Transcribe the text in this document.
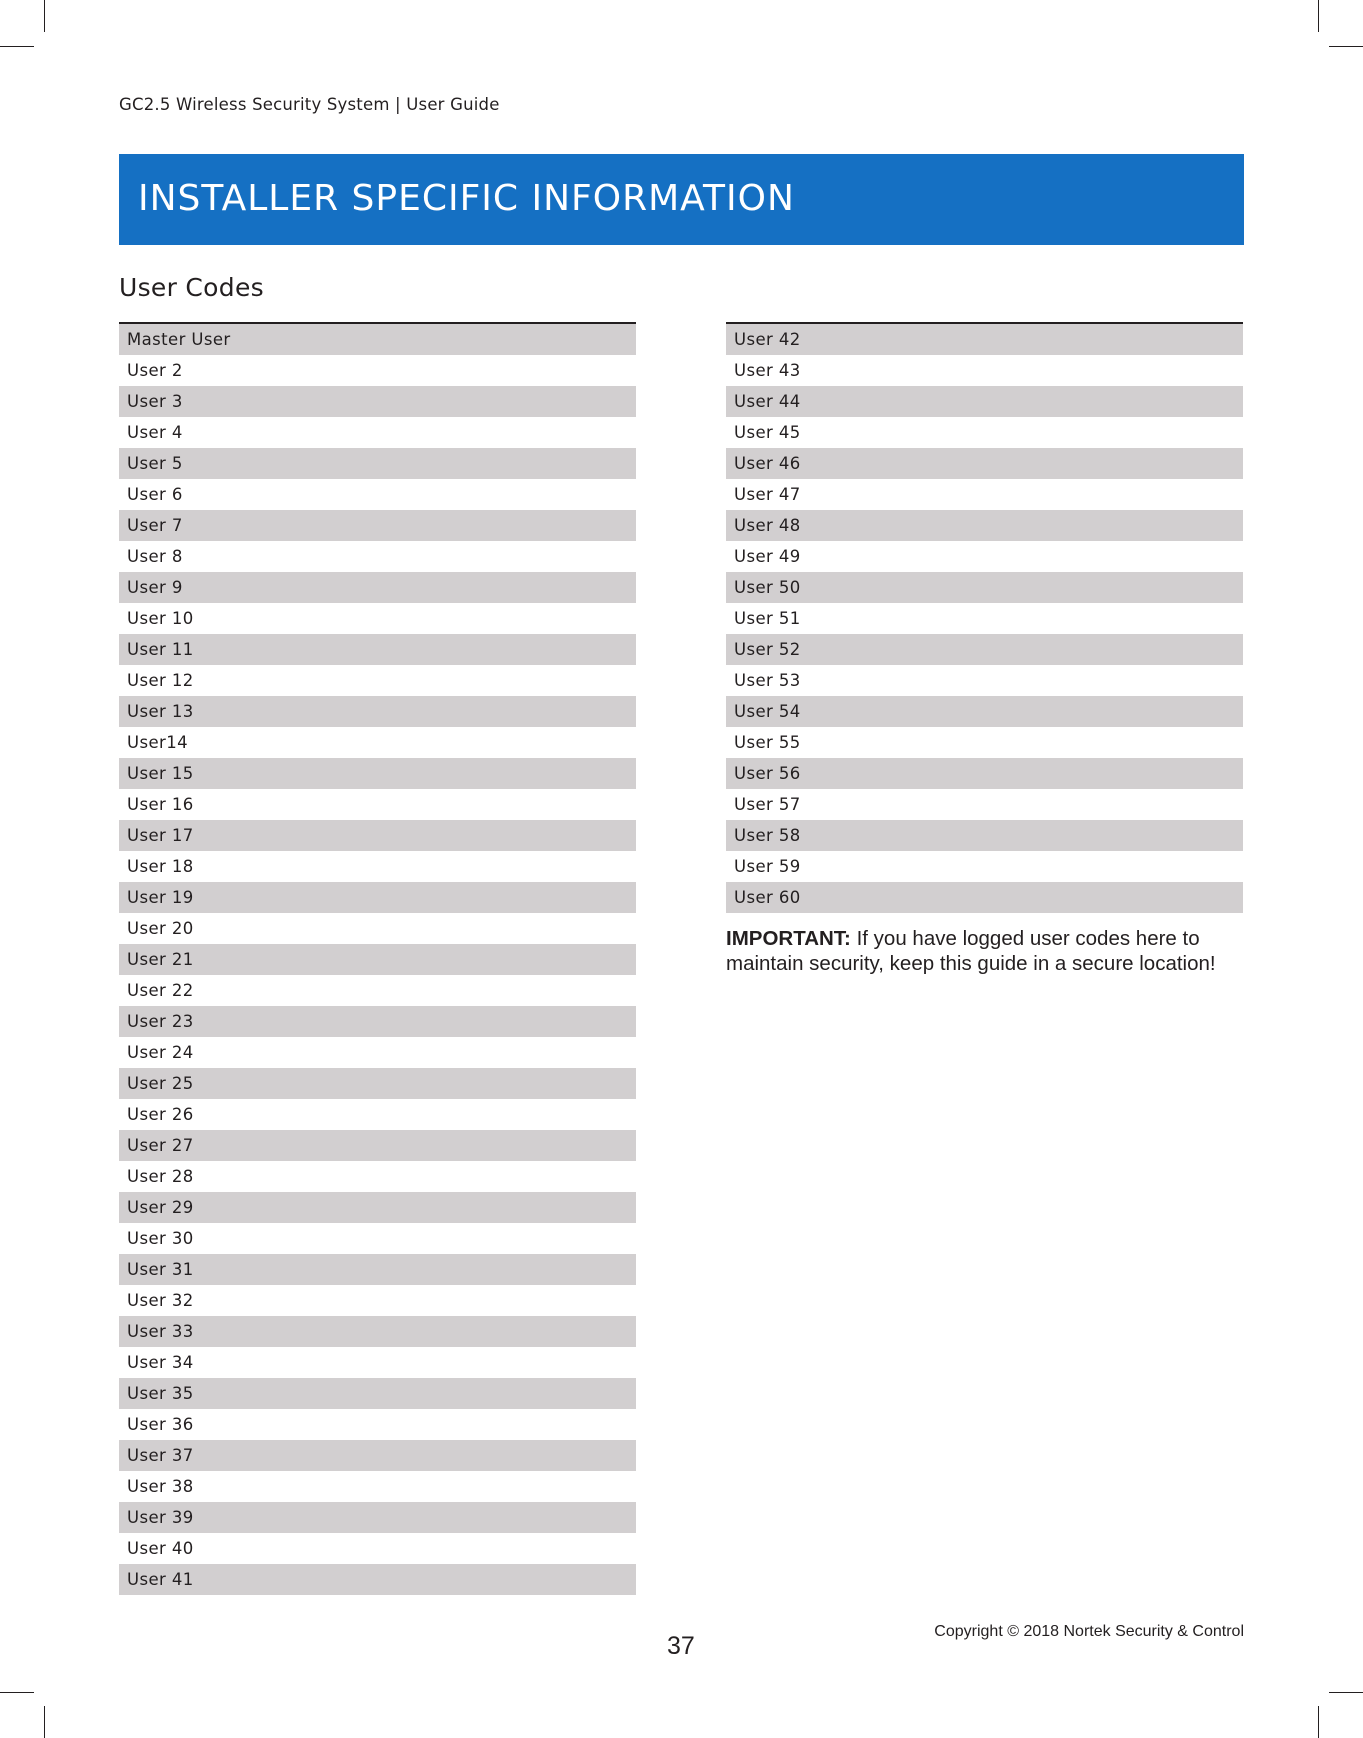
GC2.5 Wireless Security System | User Guide
INSTALLER SPECIFIC INFORMATION
User Codes
Master User
User 2
User 3
User 4
User 5
User 6
User 7
User 8
User 9
User 10
User 11
User 12
User 13
User14
User 15
User 16
User 17
User 18
User 19
User 20
User 21
User 22
User 23
User 24
User 25
User 26
User 27
User 28
User 29
User 30
User 31
User 32
User 33
User 34
User 35
User 36
User 37
User 38
User 39
User 40
User 41
User 42
User 43
User 44
User 45
User 46
User 47
User 48
User 49
User 50
User 51
User 52
User 53
User 54
User 55
User 56
User 57
User 58
User 59
User 60
IMPORTANT: If you have logged user codes here to maintain security, keep this guide in a secure location!
37
Copyright © 2018 Nortek Security & Control
